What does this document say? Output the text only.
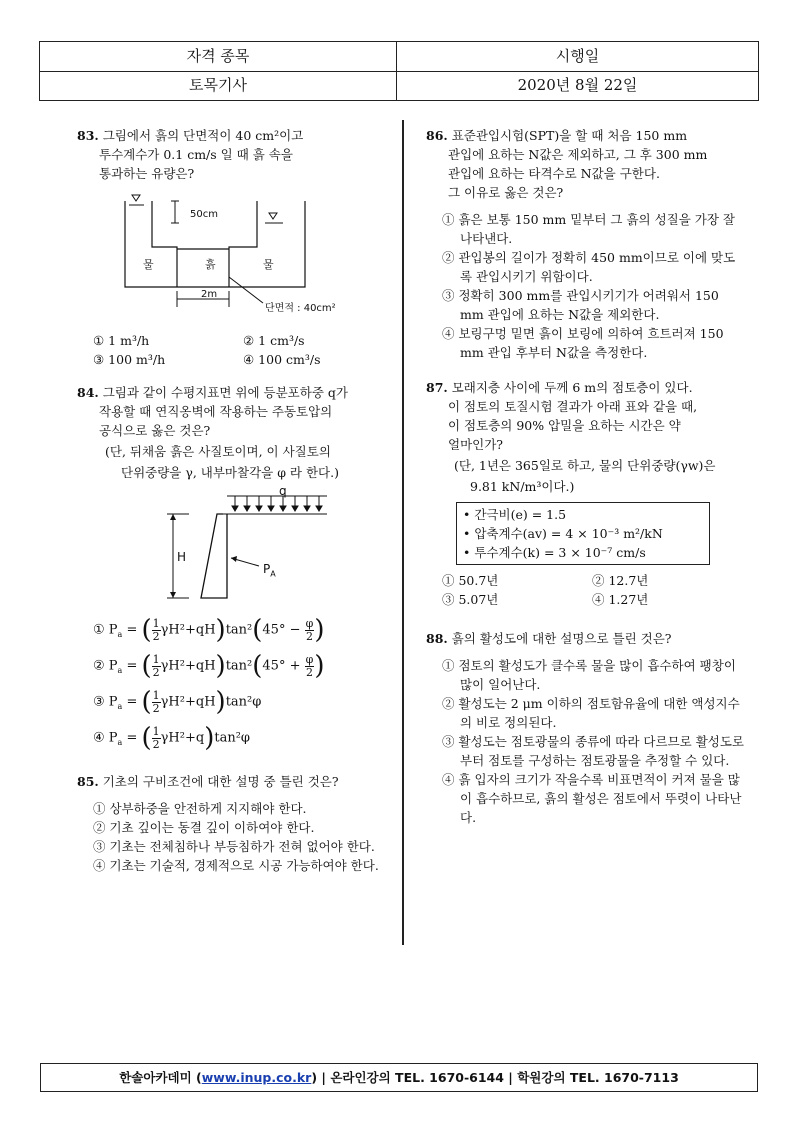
자격 종목	시행일
토목기사	2020년 8월 22일
83. 그림에서 흙의 단면적이 40 cm²이고
투수계수가 0.1 cm/s 일 때 흙 속을
통과하는 유량은?
50cm
물	흙	물
2m
단면적 : 40cm²
① 1 m³/h	② 1 cm³/s
③ 100 m³/h	④ 100 cm³/s
84. 그림과 같이 수평지표면 위에 등분포하중 q가
작용할 때 연직옹벽에 작용하는 주동토압의
공식으로 옳은 것은?
(단, 뒤채움 흙은 사질토이며, 이 사질토의
단위중량을 γ, 내부마찰각을 φ 라 한다.)
q
H
$P_A$
① $P_a$ = ( $\frac{1}{2} \gamma H^2+qH)\tan^2(45^\circ - \frac{\varphi}{2}$ )
② $P_a$ = ( $\frac{1}{2} \gamma H^2+qH)\tan^2(45^\circ + \frac{\varphi}{2}$ )
③ $P_a$ = ( $\frac{1}{2} \gamma H^2+qH)\tan^2\varphi$
④ $P_a$ = ( $\frac{1}{2} \gamma H^2+q)\tan^2\varphi$
85. 기초의 구비조건에 대한 설명 중 틀린 것은?
① 상부하중을 안전하게 지지해야 한다.
② 기초 깊이는 동결 깊이 이하여야 한다.
③ 기초는 전체침하나 부등침하가 전혀 없어야 한다.
④ 기초는 기술적, 경제적으로 시공 가능하여야 한다.
86. 표준관입시험(SPT)을 할 때 처음 150 mm
관입에 요하는 N값은 제외하고, 그 후 300 mm
관입에 요하는 타격수로 N값을 구한다.
그 이유로 옳은 것은?
① 흙은 보통 150 mm 밑부터 그 흙의 성질을 가장 잘 나타낸다.
② 관입봉의 길이가 정확히 450 mm이므로 이에 맞도록 관입시키기 위함이다.
③ 정확히 300 mm를 관입시키기가 어려워서 150 mm 관입에 요하는 N값을 제외한다.
④ 보링구멍 밑면 흙이 보링에 의하여 흐트러져 150 mm 관입 후부터 N값을 측정한다.
87. 모래지층 사이에 두께 6 m의 점토층이 있다.
이 점토의 토질시험 결과가 아래 표와 같을 때,
이 점토층의 90% 압밀을 요하는 시간은 약
얼마인가?
(단, 1년은 365일로 하고, 물의 단위중량(γw)은
9.81 kN/m³이다.)
• 간극비(e) = 1.5
• 압축계수(av) = 4 × 10⁻³ m²/kN
• 투수계수(k) = 3 × 10⁻⁷ cm/s
① 50.7년	② 12.7년
③ 5.07년	④ 1.27년
88. 흙의 활성도에 대한 설명으로 틀린 것은?
① 점토의 활성도가 클수록 물을 많이 흡수하여 팽창이 많이 일어난다.
② 활성도는 2 μm 이하의 점토함유율에 대한 액성지수의 비로 정의된다.
③ 활성도는 점토광물의 종류에 따라 다르므로 활성도로부터 점토를 구성하는 점토광물을 추정할 수 있다.
④ 흙 입자의 크기가 작을수록 비표면적이 커져 물을 많이 흡수하므로, 흙의 활성은 점토에서 뚜렷이 나타난다.
한솔아카데미 (www.inup.co.kr) | 온라인강의 TEL. 1670-6144 | 학원강의 TEL. 1670-7113
